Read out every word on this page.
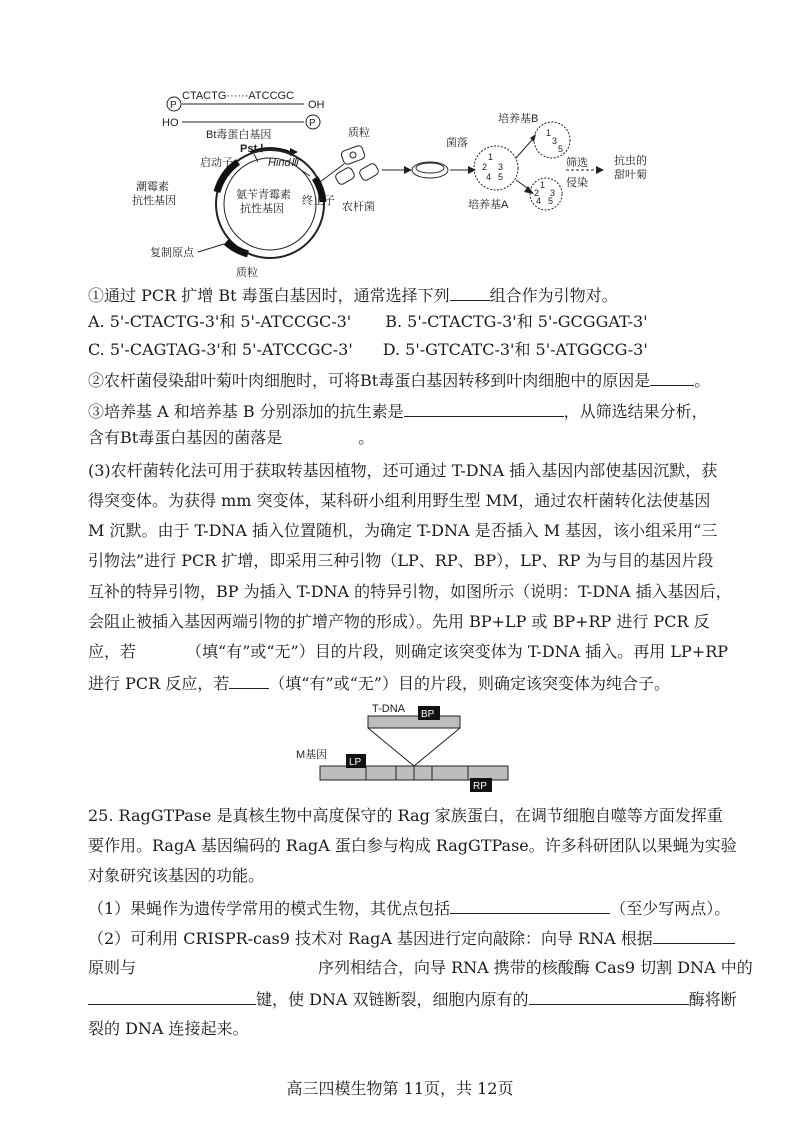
P
CTACTG······ATCCGC
OH
HO	P
Bt毒蛋白基因
Pst Ⅰ
HindⅢ
启动子
终止子
潮霉素
抗性基因	氨苄青霉素
抗性基因
复制原点
质粒
质粒
农杆菌
菌落
1
2 3
4 5
培养基B
1
3
5
筛选
侵染
抗虫的
甜叶菊
1
2 3
4 5
培养基A
①通过 PCR 扩增 Bt 毒蛋白基因时，通常选择下列	组合作为引物对。
A. 5'-CTACTG-3'和 5'-ATCCGC-3' B. 5'-CTACTG-3'和 5'-GCGGAT-3'
C. 5'-CAGTAG-3'和 5'-ATCCGC-3' D. 5'-GTCATC-3'和 5'-ATGGCG-3'
②农杆菌侵染甜叶菊叶肉细胞时，可将Bt毒蛋白基因转移到叶肉细胞中的原因是	。
③培养基 A 和培养基 B 分别添加的抗生素是	，从筛选结果分析，
含有Bt毒蛋白基因的菌落是	。
(3)农杆菌转化法可用于获取转基因植物，还可通过 T-DNA 插入基因内部使基因沉默，获
得突变体。为获得 mm 突变体，某科研小组利用野生型 MM，通过农杆菌转化法使基因
M 沉默。由于 T-DNA 插入位置随机，为确定 T-DNA 是否插入 M 基因，该小组采用“三
引物法”进行 PCR 扩增，即采用三种引物（LP、RP、BP），LP、RP 为与目的基因片段
互补的特异引物，BP 为插入 T-DNA 的特异引物，如图所示（说明：T-DNA 插入基因后，
会阻止被插入基因两端引物的扩增产物的形成）。先用 BP+LP 或 BP+RP 进行 PCR 反
应，若	（填“有”或“无”）目的片段，则确定该突变体为 T-DNA 插入。再用 LP+RP
进行 PCR 反应，若	（填“有”或“无”）目的片段，则确定该突变体为纯合子。
T-DNA BP
M基因
LP
RP
25. RagGTPase 是真核生物中高度保守的 Rag 家族蛋白，在调节细胞自噬等方面发挥重
要作用。RagA 基因编码的 RagA 蛋白参与构成 RagGTPase。许多科研团队以果蝇为实验
对象研究该基因的功能。
（1）果蝇作为遗传学常用的模式生物，其优点包括	（至少写两点）。
（2）可利用 CRISPR-cas9 技术对 RagA 基因进行定向敲除：向导 RNA 根据
原则与	序列相结合，向导 RNA 携带的核酸酶 Cas9 切割 DNA 中的
键，使 DNA 双链断裂，细胞内原有的	酶将断
裂的 DNA 连接起来。
高三四模生物第 11页，共 12页
